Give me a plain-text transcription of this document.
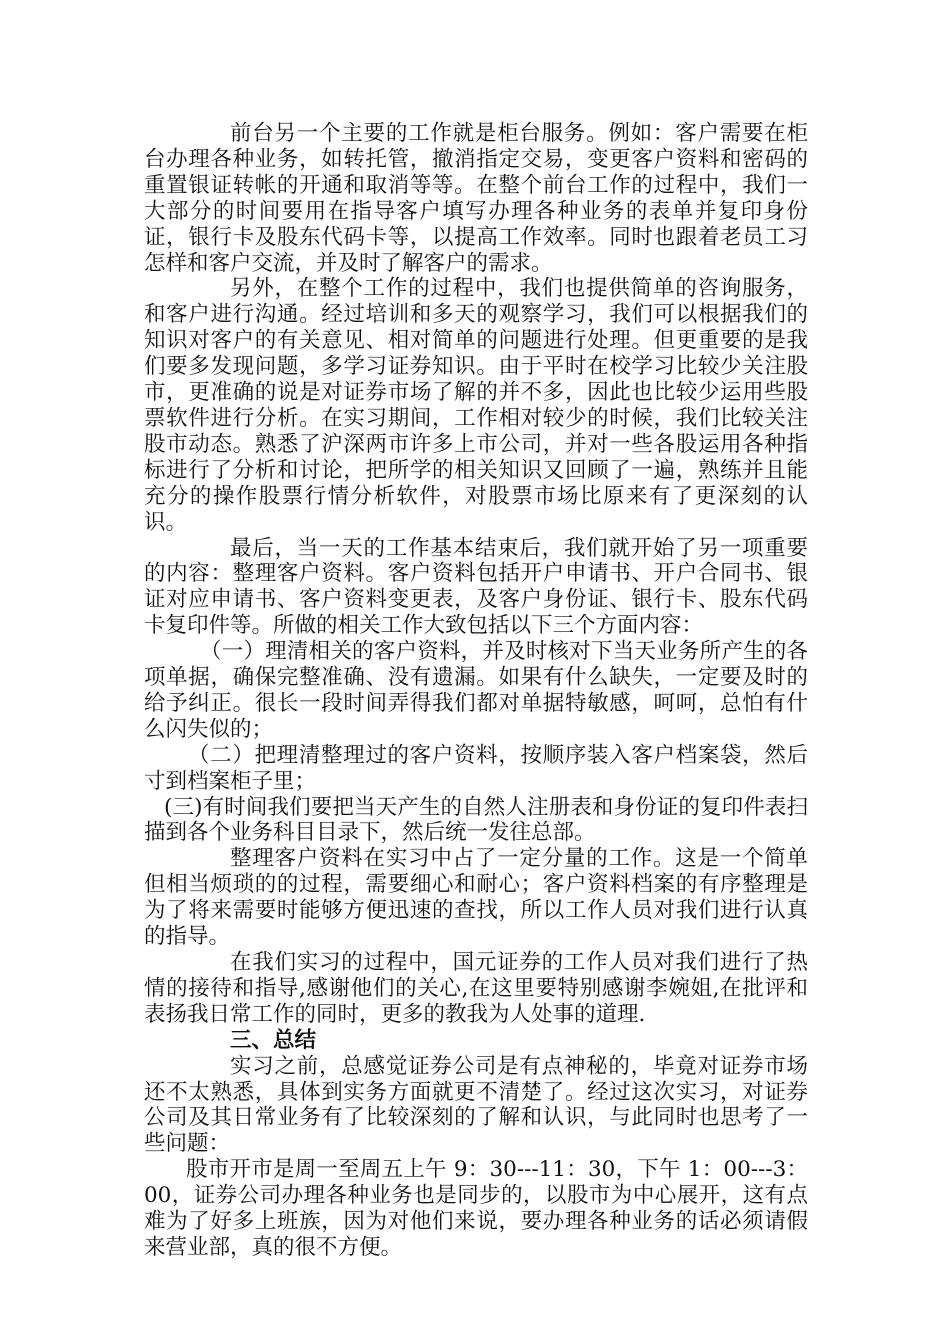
前台另一个主要的工作就是柜台服务。例如：客户需要在柜台办理各种业务，如转托管，撤消指定交易，变更客户资料和密码的重置银证转帐的开通和取消等等。在整个前台工作的过程中，我们一大部分的时间要用在指导客户填写办理各种业务的表单并复印身份证，银行卡及股东代码卡等，以提高工作效率。同时也跟着老员工习怎样和客户交流，并及时了解客户的需求。

另外，在整个工作的过程中，我们也提供简单的咨询服务，和客户进行沟通。经过培训和多天的观察学习，我们可以根据我们的知识对客户的有关意见、相对简单的问题进行处理。但更重要的是我们要多发现问题，多学习证券知识。由于平时在校学习比较少关注股市，更准确的说是对证券市场了解的并不多，因此也比较少运用些股票软件进行分析。在实习期间，工作相对较少的时候，我们比较关注股市动态。熟悉了沪深两市许多上市公司，并对一些各股运用各种指标进行了分析和讨论，把所学的相关知识又回顾了一遍，熟练并且能充分的操作股票行情分析软件，对股票市场比原来有了更深刻的认识。

最后，当一天的工作基本结束后，我们就开始了另一项重要的内容：整理客户资料。客户资料包括开户申请书、开户合同书、银证对应申请书、客户资料变更表，及客户身份证、银行卡、股东代码卡复印件等。所做的相关工作大致包括以下三个方面内容：

（一）理清相关的客户资料，并及时核对下当天业务所产生的各项单据，确保完整准确、没有遗漏。如果有什么缺失，一定要及时的给予纠正。很长一段时间弄得我们都对单据特敏感，呵呵，总怕有什么闪失似的；

（二）把理清整理过的客户资料，按顺序装入客户档案袋，然后寸到档案柜子里；

(三)有时间我们要把当天产生的自然人注册表和身份证的复印件表扫描到各个业务科目目录下，然后统一发往总部。

整理客户资料在实习中占了一定分量的工作。这是一个简单但相当烦琐的的过程，需要细心和耐心；客户资料档案的有序整理是为了将来需要时能够方便迅速的查找，所以工作人员对我们进行认真的指导。

在我们实习的过程中，国元证券的工作人员对我们进行了热情的接待和指导,感谢他们的关心,在这里要特别感谢李婉姐,在批评和表扬我日常工作的同时，更多的教我为人处事的道理.

三、总结

实习之前，总感觉证券公司是有点神秘的，毕竟对证券市场还不太熟悉，具体到实务方面就更不清楚了。经过这次实习，对证券公司及其日常业务有了比较深刻的了解和认识，与此同时也思考了一些问题：

股市开市是周一至周五上午 9：30---11：30，下午 1：00---3：00，证券公司办理各种业务也是同步的，以股市为中心展开，这有点难为了好多上班族，因为对他们来说，要办理各种业务的话必须请假来营业部，真的很不方便。
